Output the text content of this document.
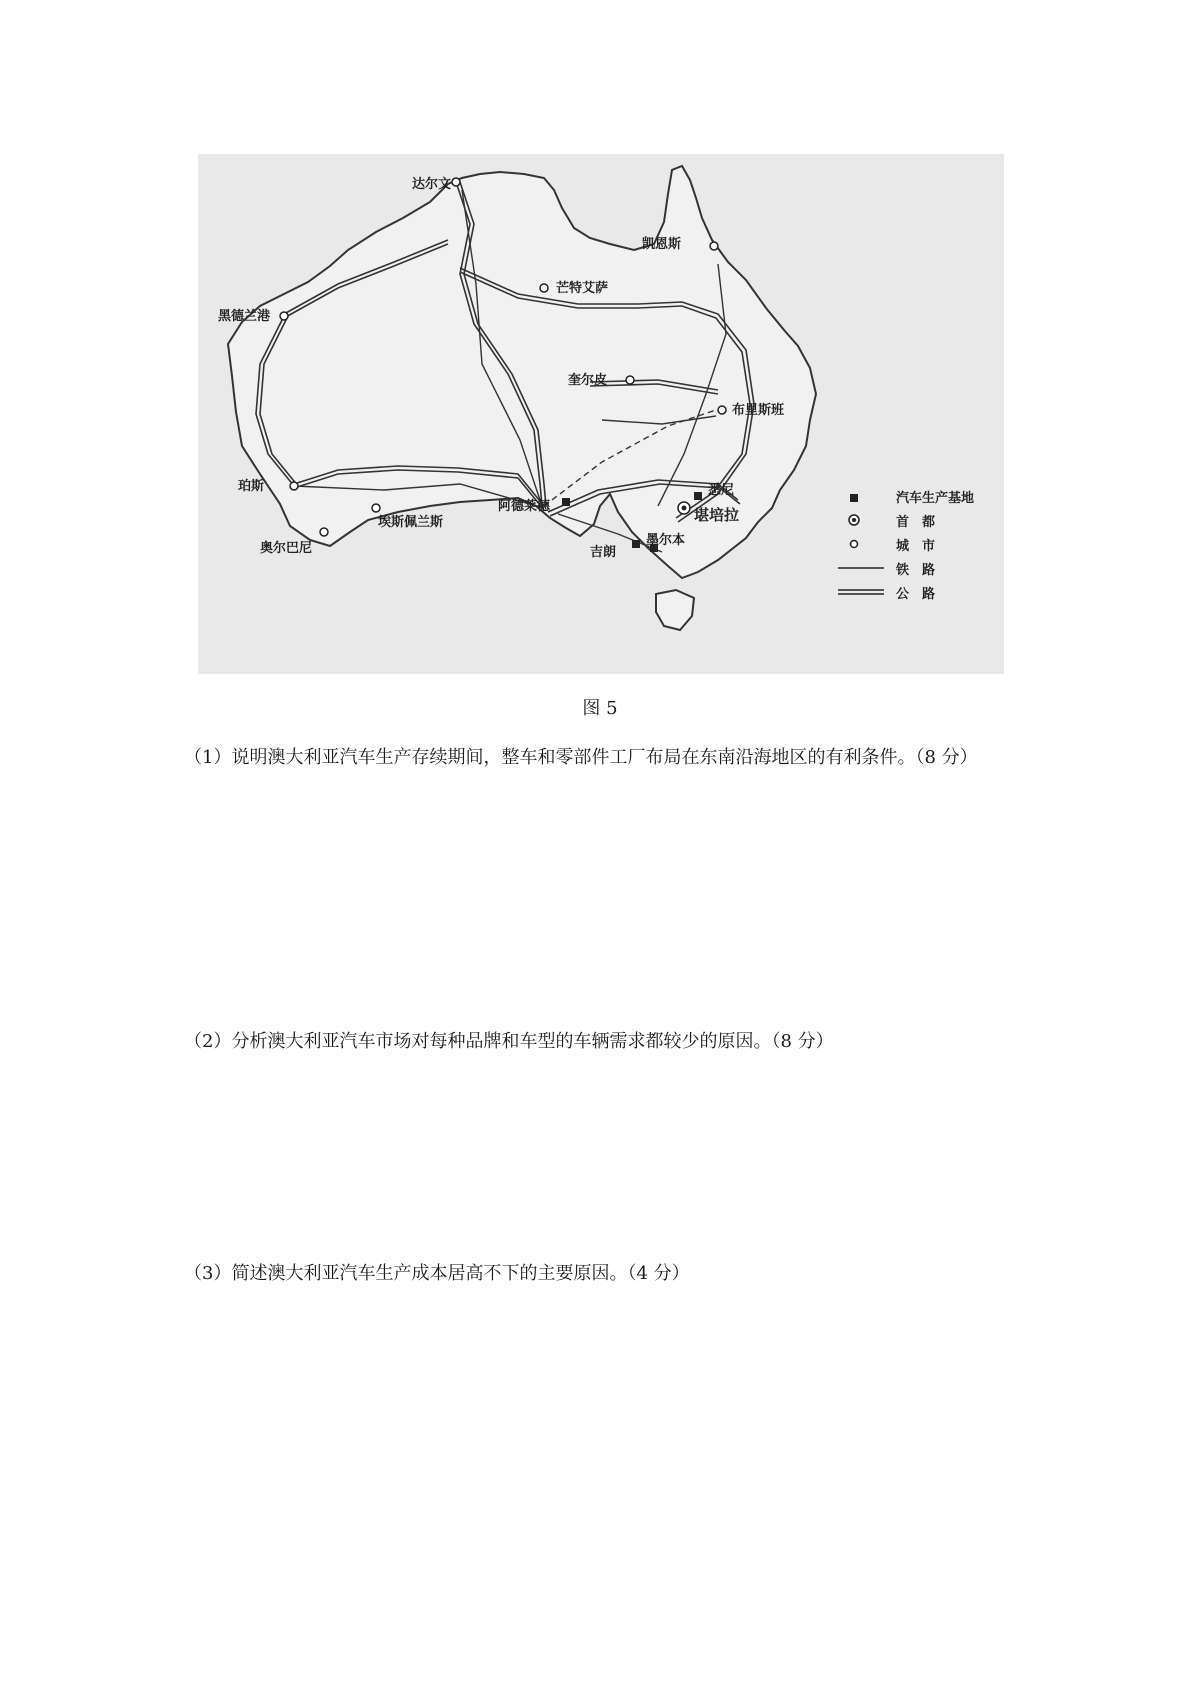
达尔文
凯恩斯
芒特艾萨
黑德兰港
奎尔皮
布里斯班
珀斯
奥尔巴尼
埃斯佩兰斯
阿德莱德
悉尼
堪培拉
吉朗
墨尔本
汽车生产基地
首　都
城　市
铁　路
公　路
图 5
（1）说明澳大利亚汽车生产存续期间，整车和零部件工厂布局在东南沿海地区的有利条件。（8 分）
（2）分析澳大利亚汽车市场对每种品牌和车型的车辆需求都较少的原因。（8 分）
（3）简述澳大利亚汽车生产成本居高不下的主要原因。（4 分）
